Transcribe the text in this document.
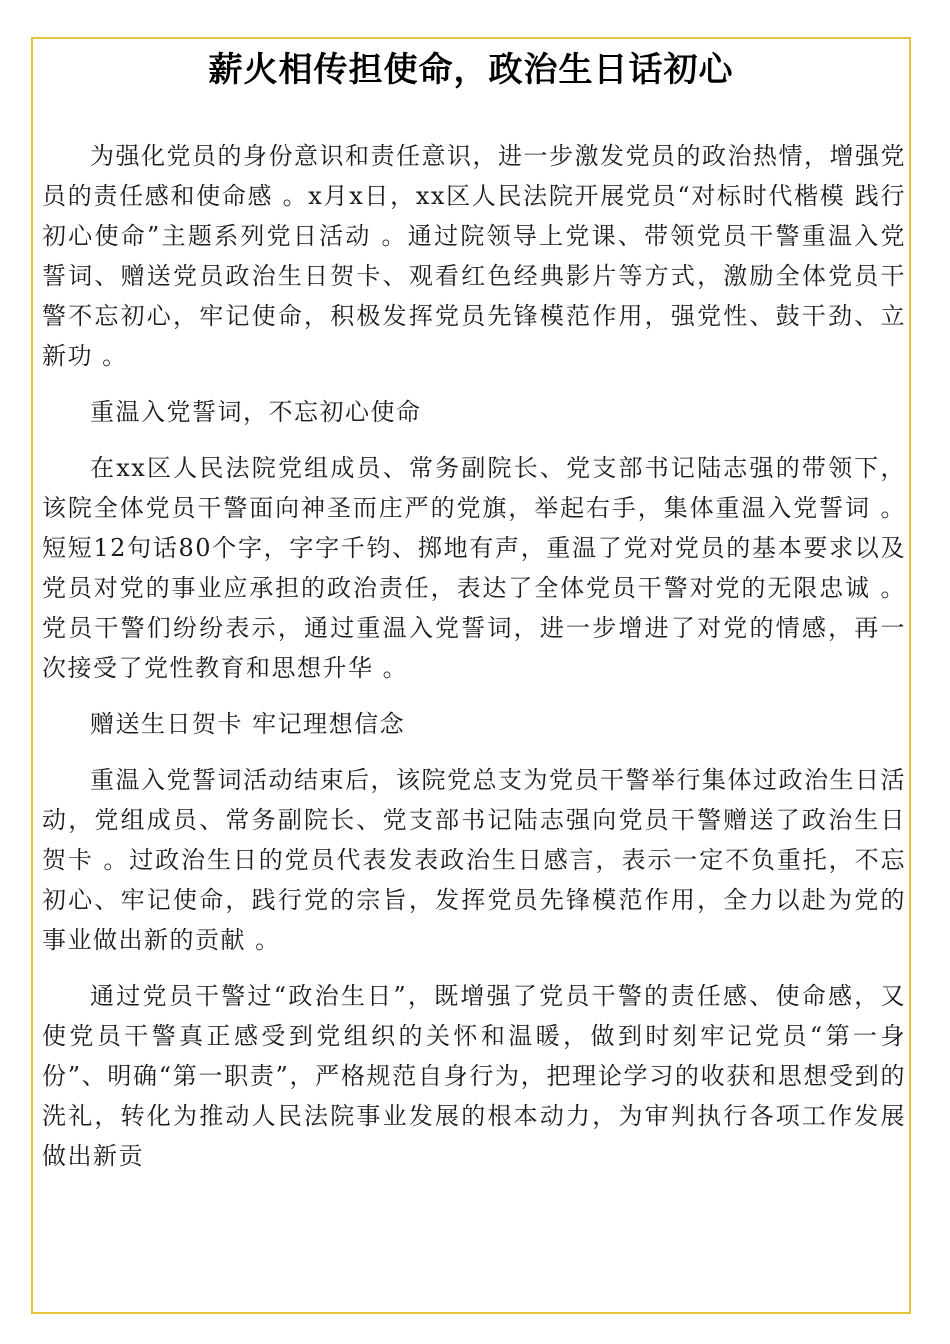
薪火相传担使命，政治生日话初心

为强化党员的身份意识和责任意识，进一步激发党员的政治热情，增强党员的责任感和使命感 。x月x日，xx区人民法院开展党员“对标时代楷模 践行初心使命”主题系列党日活动 。通过院领导上党课、带领党员干警重温入党誓词、赠送党员政治生日贺卡、观看红色经典影片等方式，激励全体党员干警不忘初心，牢记使命，积极发挥党员先锋模范作用，强党性、鼓干劲、立新功 。

重温入党誓词，不忘初心使命

在xx区人民法院党组成员、常务副院长、党支部书记陆志强的带领下，该院全体党员干警面向神圣而庄严的党旗，举起右手，集体重温入党誓词 。短短12句话80个字，字字千钧、掷地有声，重温了党对党员的基本要求以及党员对党的事业应承担的政治责任，表达了全体党员干警对党的无限忠诚 。党员干警们纷纷表示，通过重温入党誓词，进一步增进了对党的情感，再一次接受了党性教育和思想升华 。

赠送生日贺卡 牢记理想信念

重温入党誓词活动结束后，该院党总支为党员干警举行集体过政治生日活动，党组成员、常务副院长、党支部书记陆志强向党员干警赠送了政治生日贺卡 。过政治生日的党员代表发表政治生日感言，表示一定不负重托，不忘初心、牢记使命，践行党的宗旨，发挥党员先锋模范作用，全力以赴为党的事业做出新的贡献 。

通过党员干警过“政治生日”，既增强了党员干警的责任感、使命感，又使党员干警真正感受到党组织的关怀和温暖，做到时刻牢记党员“第一身份”、明确“第一职责”，严格规范自身行为，把理论学习的收获和思想受到的洗礼，转化为推动人民法院事业发展的根本动力，为审判执行各项工作发展做出新贡
